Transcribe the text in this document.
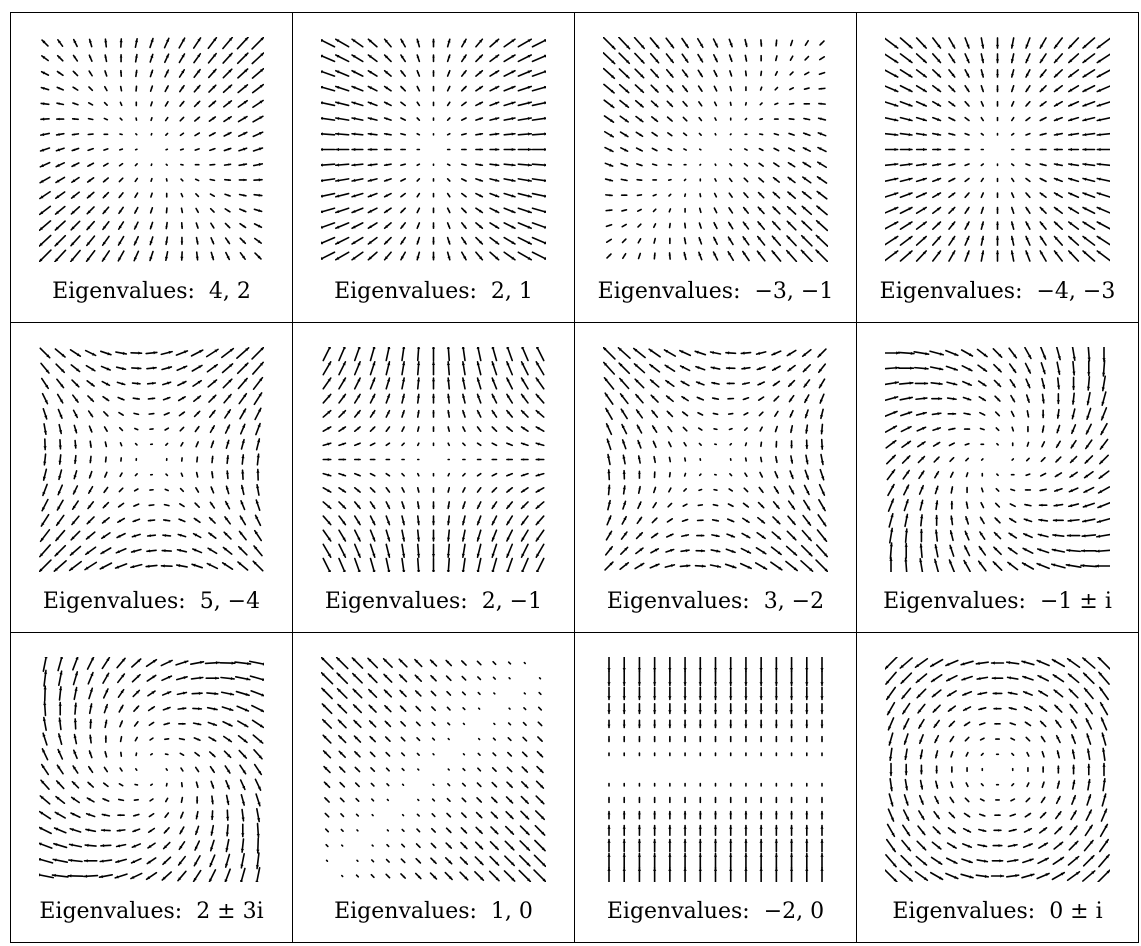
Eigenvalues: 4, 2	Eigenvalues: 2, 1	Eigenvalues: −3, −1	Eigenvalues: −4, −3

Eigenvalues: 5, −4	Eigenvalues: 2, −1	Eigenvalues: 3, −2	Eigenvalues: −1 ± i

Eigenvalues: 2 ± 3i	Eigenvalues: 1, 0	Eigenvalues: −2, 0	Eigenvalues: 0 ± i
